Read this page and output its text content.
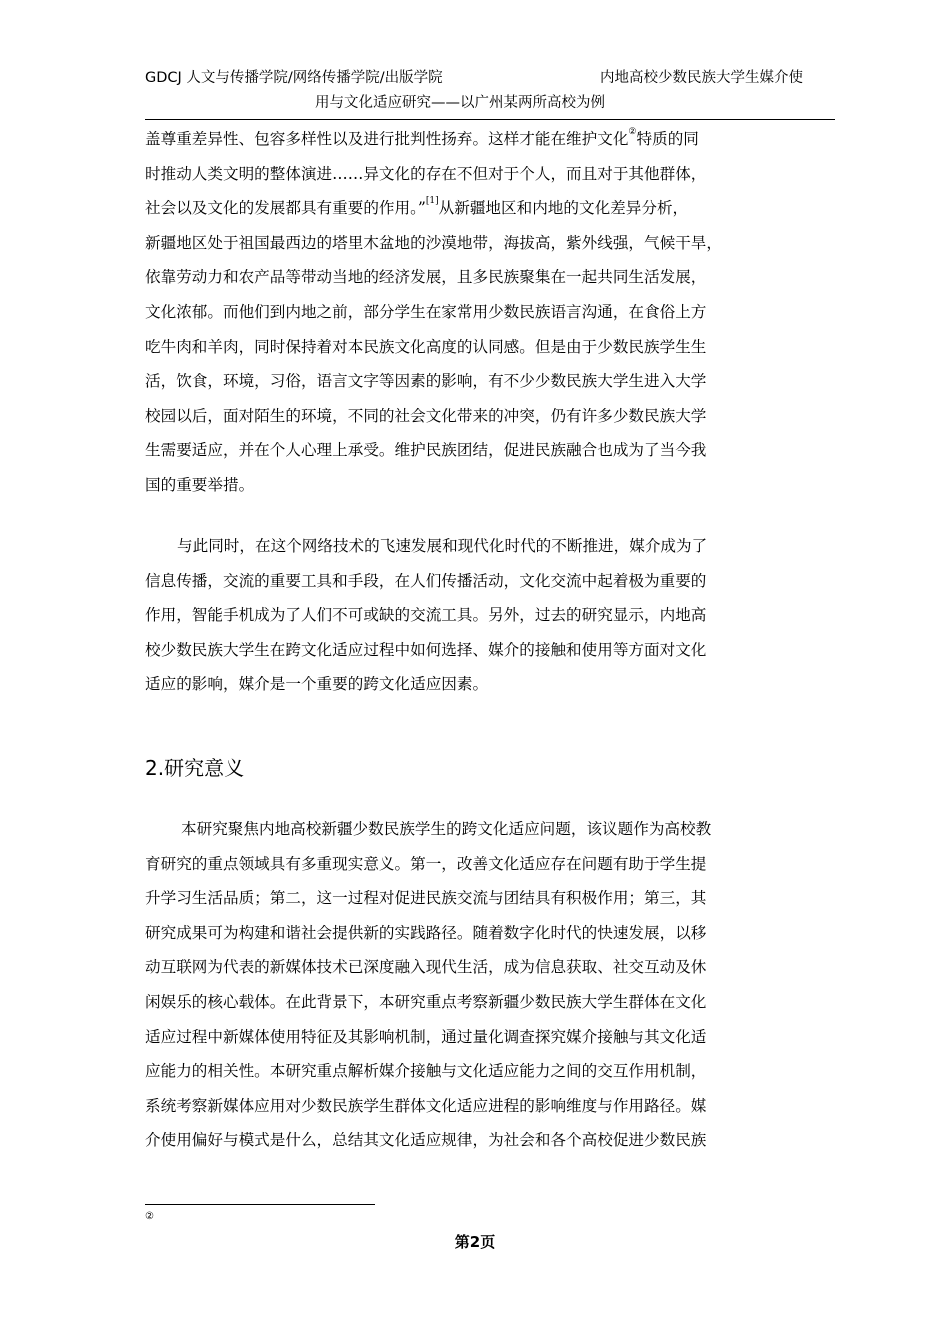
GDCJ 人文与传播学院/网络传播学院/出版学院	内地高校少数民族大学生媒介使
用与文化适应研究——以广州某两所高校为例
盖尊重差异性、包容多样性以及进行批判性扬弃。这样才能在维护文化②特质的同
时推动人类文明的整体演进……异文化的存在不但对于个人，而且对于其他群体，
社会以及文化的发展都具有重要的作用。”[1]从新疆地区和内地的文化差异分析，
新疆地区处于祖国最西边的塔里木盆地的沙漠地带，海拔高，紫外线强，气候干旱，
依靠劳动力和农产品等带动当地的经济发展，且多民族聚集在一起共同生活发展，
文化浓郁。而他们到内地之前，部分学生在家常用少数民族语言沟通，在食俗上方
吃牛肉和羊肉，同时保持着对本民族文化高度的认同感。但是由于少数民族学生生
活，饮食，环境，习俗，语言文字等因素的影响，有不少少数民族大学生进入大学
校园以后，面对陌生的环境，不同的社会文化带来的冲突，仍有许多少数民族大学
生需要适应，并在个人心理上承受。维护民族团结，促进民族融合也成为了当今我
国的重要举措。
与此同时，在这个网络技术的飞速发展和现代化时代的不断推进，媒介成为了
信息传播，交流的重要工具和手段，在人们传播活动，文化交流中起着极为重要的
作用，智能手机成为了人们不可或缺的交流工具。另外，过去的研究显示，内地高
校少数民族大学生在跨文化适应过程中如何选择、媒介的接触和使用等方面对文化
适应的影响，媒介是一个重要的跨文化适应因素。
2.研究意义
本研究聚焦内地高校新疆少数民族学生的跨文化适应问题，该议题作为高校教
育研究的重点领域具有多重现实意义。第一，改善文化适应存在问题有助于学生提
升学习生活品质；第二，这一过程对促进民族交流与团结具有积极作用；第三，其
研究成果可为构建和谐社会提供新的实践路径。随着数字化时代的快速发展，以移
动互联网为代表的新媒体技术已深度融入现代生活，成为信息获取、社交互动及休
闲娱乐的核心载体。在此背景下，本研究重点考察新疆少数民族大学生群体在文化
适应过程中新媒体使用特征及其影响机制，通过量化调查探究媒介接触与其文化适
应能力的相关性。本研究重点解析媒介接触与文化适应能力之间的交互作用机制，
系统考察新媒体应用对少数民族学生群体文化适应进程的影响维度与作用路径。媒
介使用偏好与模式是什么，总结其文化适应规律，为社会和各个高校促进少数民族
②
第2页
